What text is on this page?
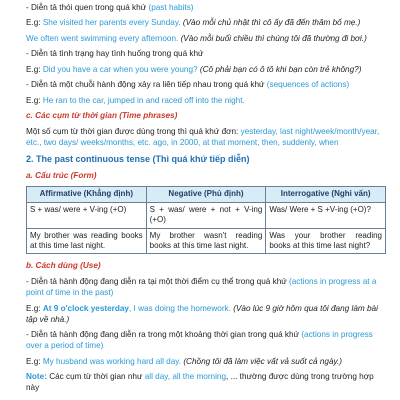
- Diễn tả thói quen trong quá khứ (past habits)

E.g: She visited her parents every Sunday. (Vào mỗi chủ nhật thì cô ấy đã đến thăm bố mẹ.)

We often went swimming every afternoon. (Vào mỗi buổi chiều thì chúng tôi đã thường đi bơi.)

- Diễn tả tình trạng hay tình huống trong quá khứ

E.g: Did you have a car when you were young? (Cô phải bạn có ô tô khi bạn còn trẻ không?)

- Diễn tả một chuỗi hành động xảy ra liên tiếp nhau trong quá khứ (sequences of actions)

E.g: He ran to the car, jumped in and raced off into the night.

c. Các cụm từ thời gian (Time phrases)

Một số cụm từ thời gian được dùng trong thì quá khứ đơn: yesterday, last night/week/month/year, etc., two days/ weeks/months, etc. ago, in 2000, at that moment, then, suddenly, when

2. The past continuous tense (Thì quá khứ tiếp diễn)

a. Cấu trúc (Form)

Affirmative (Khẳng định)	Negative (Phủ định)	Interrogative (Nghi vấn)
S + was/ were + V-ing (+O)	S + was/ were + not + V-ing (+O)	Was/ Were + S +V-ing (+O)?
My brother was reading books at this time last night.	My brother wasn't reading books at this time last night.	Was your brother reading books at this time last night?

b. Cách dùng (Use)

- Diễn tả hành động đang diễn ra tại một thời điểm cụ thể trong quá khứ (actions in progress at a point of time in the past)

E.g: At 9 o'clock yesterday, I was doing the homework. (Vào lúc 9 giờ hôm qua tôi đang làm bài tập về nhà.)

- Diễn tả hành động đang diễn ra trong một khoảng thời gian trong quá khứ (actions in progress over a period of time)

E.g: My husband was working hard all day. (Chồng tôi đã làm việc vất vả suốt cả ngày.)

Note: Các cụm từ thời gian như all day, all the morning, ... thường được dùng trong trường hợp này
